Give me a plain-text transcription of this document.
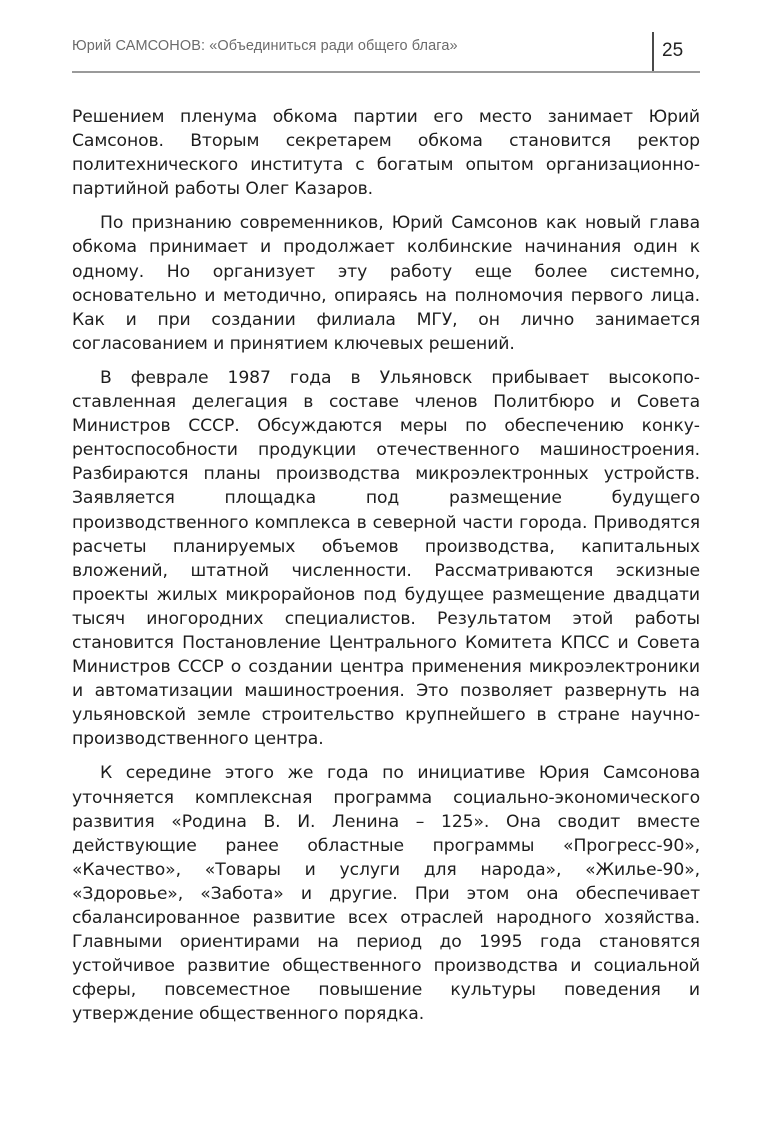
Юрий САМСОНОВ: «Объединиться ради общего блага»	25

Решением пленума обкома партии его место занимает Юрий Самсонов. Вторым секретарем обкома становится ректор политехнического института с богатым опытом организационно-партийной работы Олег Казаров.

По признанию современников, Юрий Самсонов как новый глава обкома принимает и продолжает колбинские начинания один к одному. Но организует эту работу еще более системно, основательно и методично, опираясь на полномочия первого лица. Как и при создании филиала МГУ, он лично занимается согласованием и принятием ключевых решений.

В феврале 1987 года в Ульяновск прибывает высокопоставленная делегация в составе членов Политбюро и Совета Министров СССР. Обсуждаются меры по обеспечению конкурентоспособности продукции отечественного машиностроения. Разбираются планы производства микроэлектронных устройств. Заявляется площадка под размещение будущего производственного комплекса в северной части города. Приводятся расчеты планируемых объемов производства, капитальных вложений, штатной численности. Рассматриваются эскизные проекты жилых микрорайонов под будущее размещение двадцати тысяч иногородних специалистов. Результатом этой работы становится Постановление Центрального Комитета КПСС и Совета Министров СССР о создании центра применения микроэлектроники и автоматизации машиностроения. Это позволяет развернуть на ульяновской земле строительство крупнейшего в стране научно-производственного центра.

К середине этого же года по инициативе Юрия Самсонова уточняется комплексная программа социально-экономического развития «Родина В. И. Ленина – 125». Она сводит вместе действующие ранее областные программы «Прогресс-90», «Качество», «Товары и услуги для народа», «Жилье-90», «Здоровье», «Забота» и другие. При этом она обеспечивает сбалансированное развитие всех отраслей народного хозяйства. Главными ориентирами на период до 1995 года становятся устойчивое развитие общественного производства и социальной сферы, повсеместное повышение культуры поведения и утверждение общественного порядка.
